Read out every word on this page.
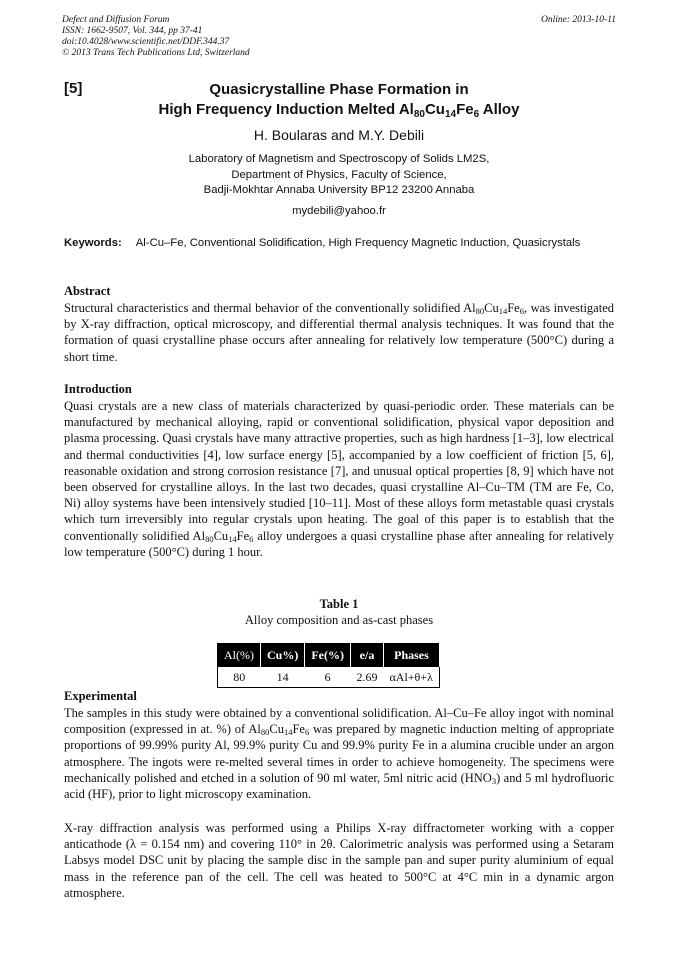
Defect and Diffusion Forum
ISSN: 1662-9507, Vol. 344, pp 37-41
doi:10.4028/www.scientific.net/DDF.344.37
© 2013 Trans Tech Publications Ltd, Switzerland
Online: 2013-10-11
[5]	Quasicrystalline Phase Formation in
High Frequency Induction Melted $Al_{80}Cu_{14}Fe_6$ Alloy
H. Boularas and M.Y. Debili
Laboratory of Magnetism and Spectroscopy of Solids LM2S,
Department of Physics, Faculty of Science,
Badji-Mokhtar Annaba University BP12 23200 Annaba
mydebili@yahoo.fr
Keywords: Al-Cu–Fe, Conventional Solidification, High Frequency Magnetic Induction, Quasicrystals
Abstract
Structural characteristics and thermal behavior of the conventionally solidified $Al_{80}Cu_{14}Fe_6$, was investigated by X-ray diffraction, optical microscopy, and differential thermal analysis techniques. It was found that the formation of quasi crystalline phase occurs after annealing for relatively low temperature (500°C) during a short time.
Introduction
Quasi crystals are a new class of materials characterized by quasi-periodic order. These materials can be manufactured by mechanical alloying, rapid or conventional solidification, physical vapor deposition and plasma processing. Quasi crystals have many attractive properties, such as high hardness [1–3], low electrical and thermal conductivities [4], low surface energy [5], accompanied by a low coefficient of friction [5, 6], reasonable oxidation and strong corrosion resistance [7], and unusual optical properties [8, 9] which have not been observed for crystalline alloys. In the last two decades, quasi crystalline Al–Cu–TM (TM are Fe, Co, Ni) alloy systems have been intensively studied [10–11]. Most of these alloys form metastable quasi crystals which turn irreversibly into regular crystals upon heating. The goal of this paper is to establish that the conventionally solidified $Al_{80}Cu_{14}Fe_6$ alloy undergoes a quasi crystalline phase after annealing for relatively low temperature (500°C) during 1 hour.
Table 1
Alloy composition and as-cast phases
Al(%)	Cu%)	Fe(%)	e/a	Phases
80	14	6	2.69	αAl+θ+λ
Experimental
The samples in this study were obtained by a conventional solidification. Al–Cu–Fe alloy ingot with nominal composition (expressed in at. %) of $Al_{80}Cu_{14}Fe_6$ was prepared by magnetic induction melting of appropriate proportions of 99.99% purity Al, 99.9% purity Cu and 99.9% purity Fe in a alumina crucible under an argon atmosphere. The ingots were re-melted several times in order to achieve homogeneity. The specimens were mechanically polished and etched in a solution of 90 ml water, 5ml nitric acid $(HNO_3)$ and 5 ml hydrofluoric acid (HF), prior to light microscopy examination.
X-ray diffraction analysis was performed using a Philips X-ray diffractometer working with a copper anticathode (λ = 0.154 nm) and covering 110° in 2θ. Calorimetric analysis was performed using a Setaram Labsys model DSC unit by placing the sample disc in the sample pan and super purity aluminium of equal mass in the reference pan of the cell. The cell was heated to 500°C at 4°C min in a dynamic argon atmosphere.
